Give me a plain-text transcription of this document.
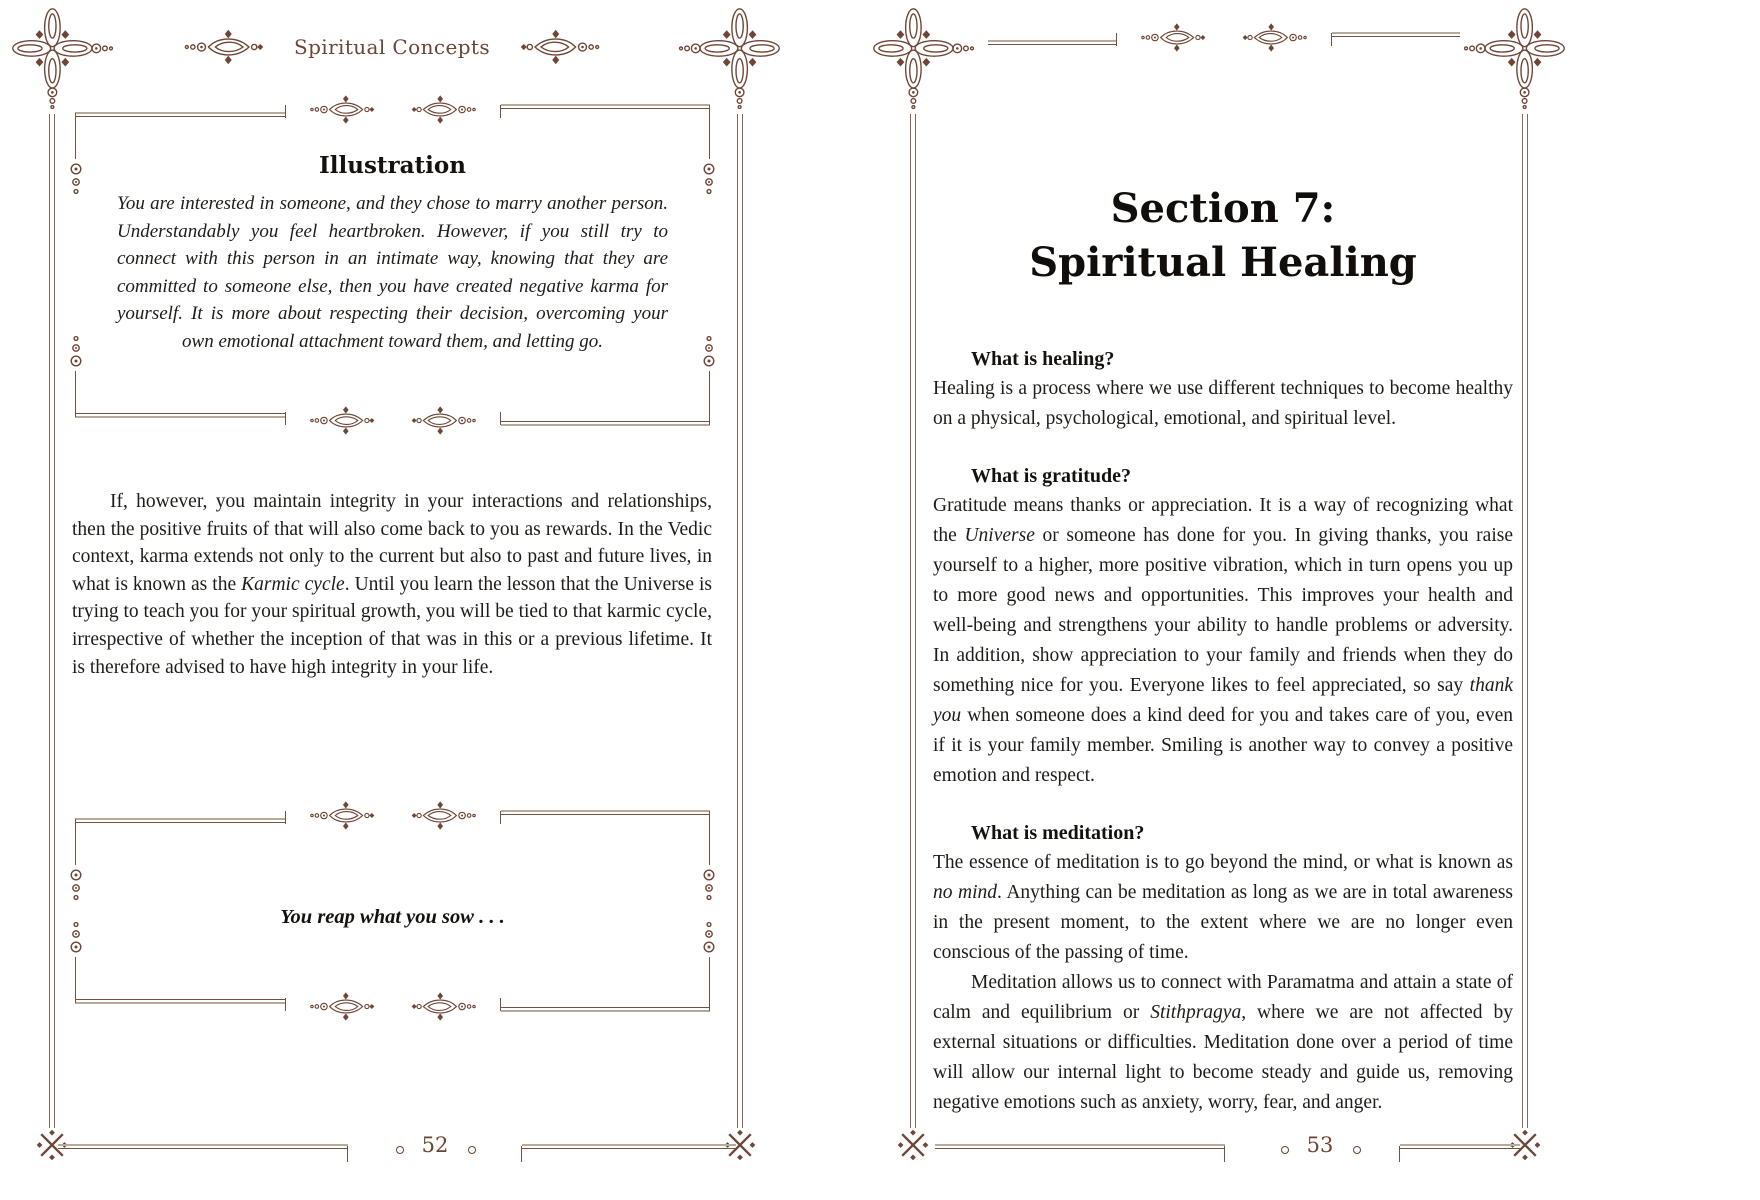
Spiritual Concepts
Illustration
You are interested in someone, and they chose to marry another person. Understandably you feel heartbroken. However, if you still try to connect with this person in an intimate way, knowing that they are committed to someone else, then you have created negative karma for yourself. It is more about respecting their decision, overcoming your own emotional attachment toward them, and letting go.

If, however, you maintain integrity in your interactions and relationships, then the positive fruits of that will also come back to you as rewards. In the Vedic context, karma extends not only to the current but also to past and future lives, in what is known as the Karmic cycle. Until you learn the lesson that the Universe is trying to teach you for your spiritual growth, you will be tied to that karmic cycle, irrespective of whether the inception of that was in this or a previous lifetime. It is therefore advised to have high integrity in your life.

You reap what you sow . . .
52
Section 7:
Spiritual Healing
What is healing?

Healing is a process where we use different techniques to become healthy on a physical, psychological, emotional, and spiritual level.

What is gratitude?

Gratitude means thanks or appreciation. It is a way of recognizing what the Universe or someone has done for you. In giving thanks, you raise yourself to a higher, more positive vibration, which in turn opens you up to more good news and opportunities. This improves your health and well-being and strengthens your ability to handle problems or adversity. In addition, show appreciation to your family and friends when they do something nice for you. Everyone likes to feel appreciated, so say thank you when someone does a kind deed for you and takes care of you, even if it is your family member. Smiling is another way to convey a positive emotion and respect.

What is meditation?

The essence of meditation is to go beyond the mind, or what is known as no mind. Anything can be meditation as long as we are in total awareness in the present moment, to the extent where we are no longer even conscious of the passing of time.

Meditation allows us to connect with Paramatma and attain a state of calm and equilibrium or Stithpragya, where we are not affected by external situations or difficulties. Meditation done over a period of time will allow our internal light to become steady and guide us, removing negative emotions such as anxiety, worry, fear, and anger.

53
